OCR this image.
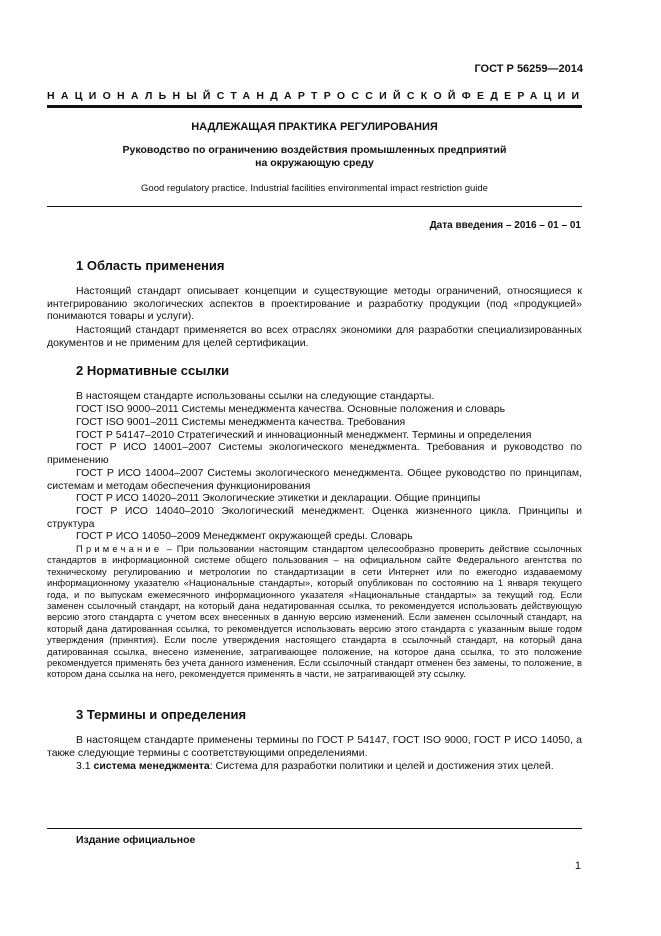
ГОСТ Р 56259—2014
НАЦИОНАЛЬНЫЙ СТАНДАРТ РОССИЙСКОЙ ФЕДЕРАЦИИ
НАДЛЕЖАЩАЯ ПРАКТИКА РЕГУЛИРОВАНИЯ
Руководство по ограничению воздействия промышленных предприятий
на окружающую среду
Good regulatory practice. Industrial facilities environmental impact restriction guide
Дата введения – 2016 – 01 – 01
1 Область применения
Настоящий стандарт описывает концепции и существующие методы ограничений, относящиеся к интегрированию экологических аспектов в проектирование и разработку продукции (под «продукцией» понимаются товары и услуги).
Настоящий стандарт применяется во всех отраслях экономики для разработки специализированных документов и не применим для целей сертификации.
2 Нормативные ссылки
В настоящем стандарте использованы ссылки на следующие стандарты.
ГОСТ ISO 9000–2011 Системы менеджмента качества. Основные положения и словарь
ГОСТ ISO 9001–2011 Системы менеджмента качества. Требования
ГОСТ Р 54147–2010 Стратегический и инновационный менеджмент. Термины и определения
ГОСТ Р ИСО 14001–2007 Системы экологического менеджмента. Требования и руководство по применению
ГОСТ Р ИСО 14004–2007 Системы экологического менеджмента. Общее руководство по принципам, системам и методам обеспечения функционирования
ГОСТ Р ИСО 14020–2011 Экологические этикетки и декларации. Общие принципы
ГОСТ Р ИСО 14040–2010 Экологический менеджмент. Оценка жизненного цикла. Принципы и структура
ГОСТ Р ИСО 14050–2009 Менеджмент окружающей среды. Словарь
Примечание – При пользовании настоящим стандартом целесообразно проверить действие ссылочных стандартов в информационной системе общего пользования – на официальном сайте Федерального агентства по техническому регулированию и метрологии по стандартизации в сети Интернет или по ежегодно издаваемому информационному указателю «Национальные стандарты», который опубликован по состоянию на 1 января текущего года, и по выпускам ежемесячного информационного указателя «Национальные стандарты» за текущий год. Если заменен ссылочный стандарт, на который дана недатированная ссылка, то рекомендуется использовать действующую версию этого стандарта с учетом всех внесенных в данную версию изменений. Если заменен ссылочный стандарт, на который дана датированная ссылка, то рекомендуется использовать версию этого стандарта с указанным выше годом утверждения (принятия). Если после утверждения настоящего стандарта в ссылочный стандарт, на который дана датированная ссылка, внесено изменение, затрагивающее положение, на которое дана ссылка, то это положение рекомендуется применять без учета данного изменения. Если ссылочный стандарт отменен без замены, то положение, в котором дана ссылка на него, рекомендуется применять в части, не затрагивающей эту ссылку.
3 Термины и определения
В настоящем стандарте применены термины по ГОСТ Р 54147, ГОСТ ISO 9000, ГОСТ Р ИСО 14050, а также следующие термины с соответствующими определениями.
3.1 система менеджмента: Система для разработки политики и целей и достижения этих целей.
Издание официальное
1
